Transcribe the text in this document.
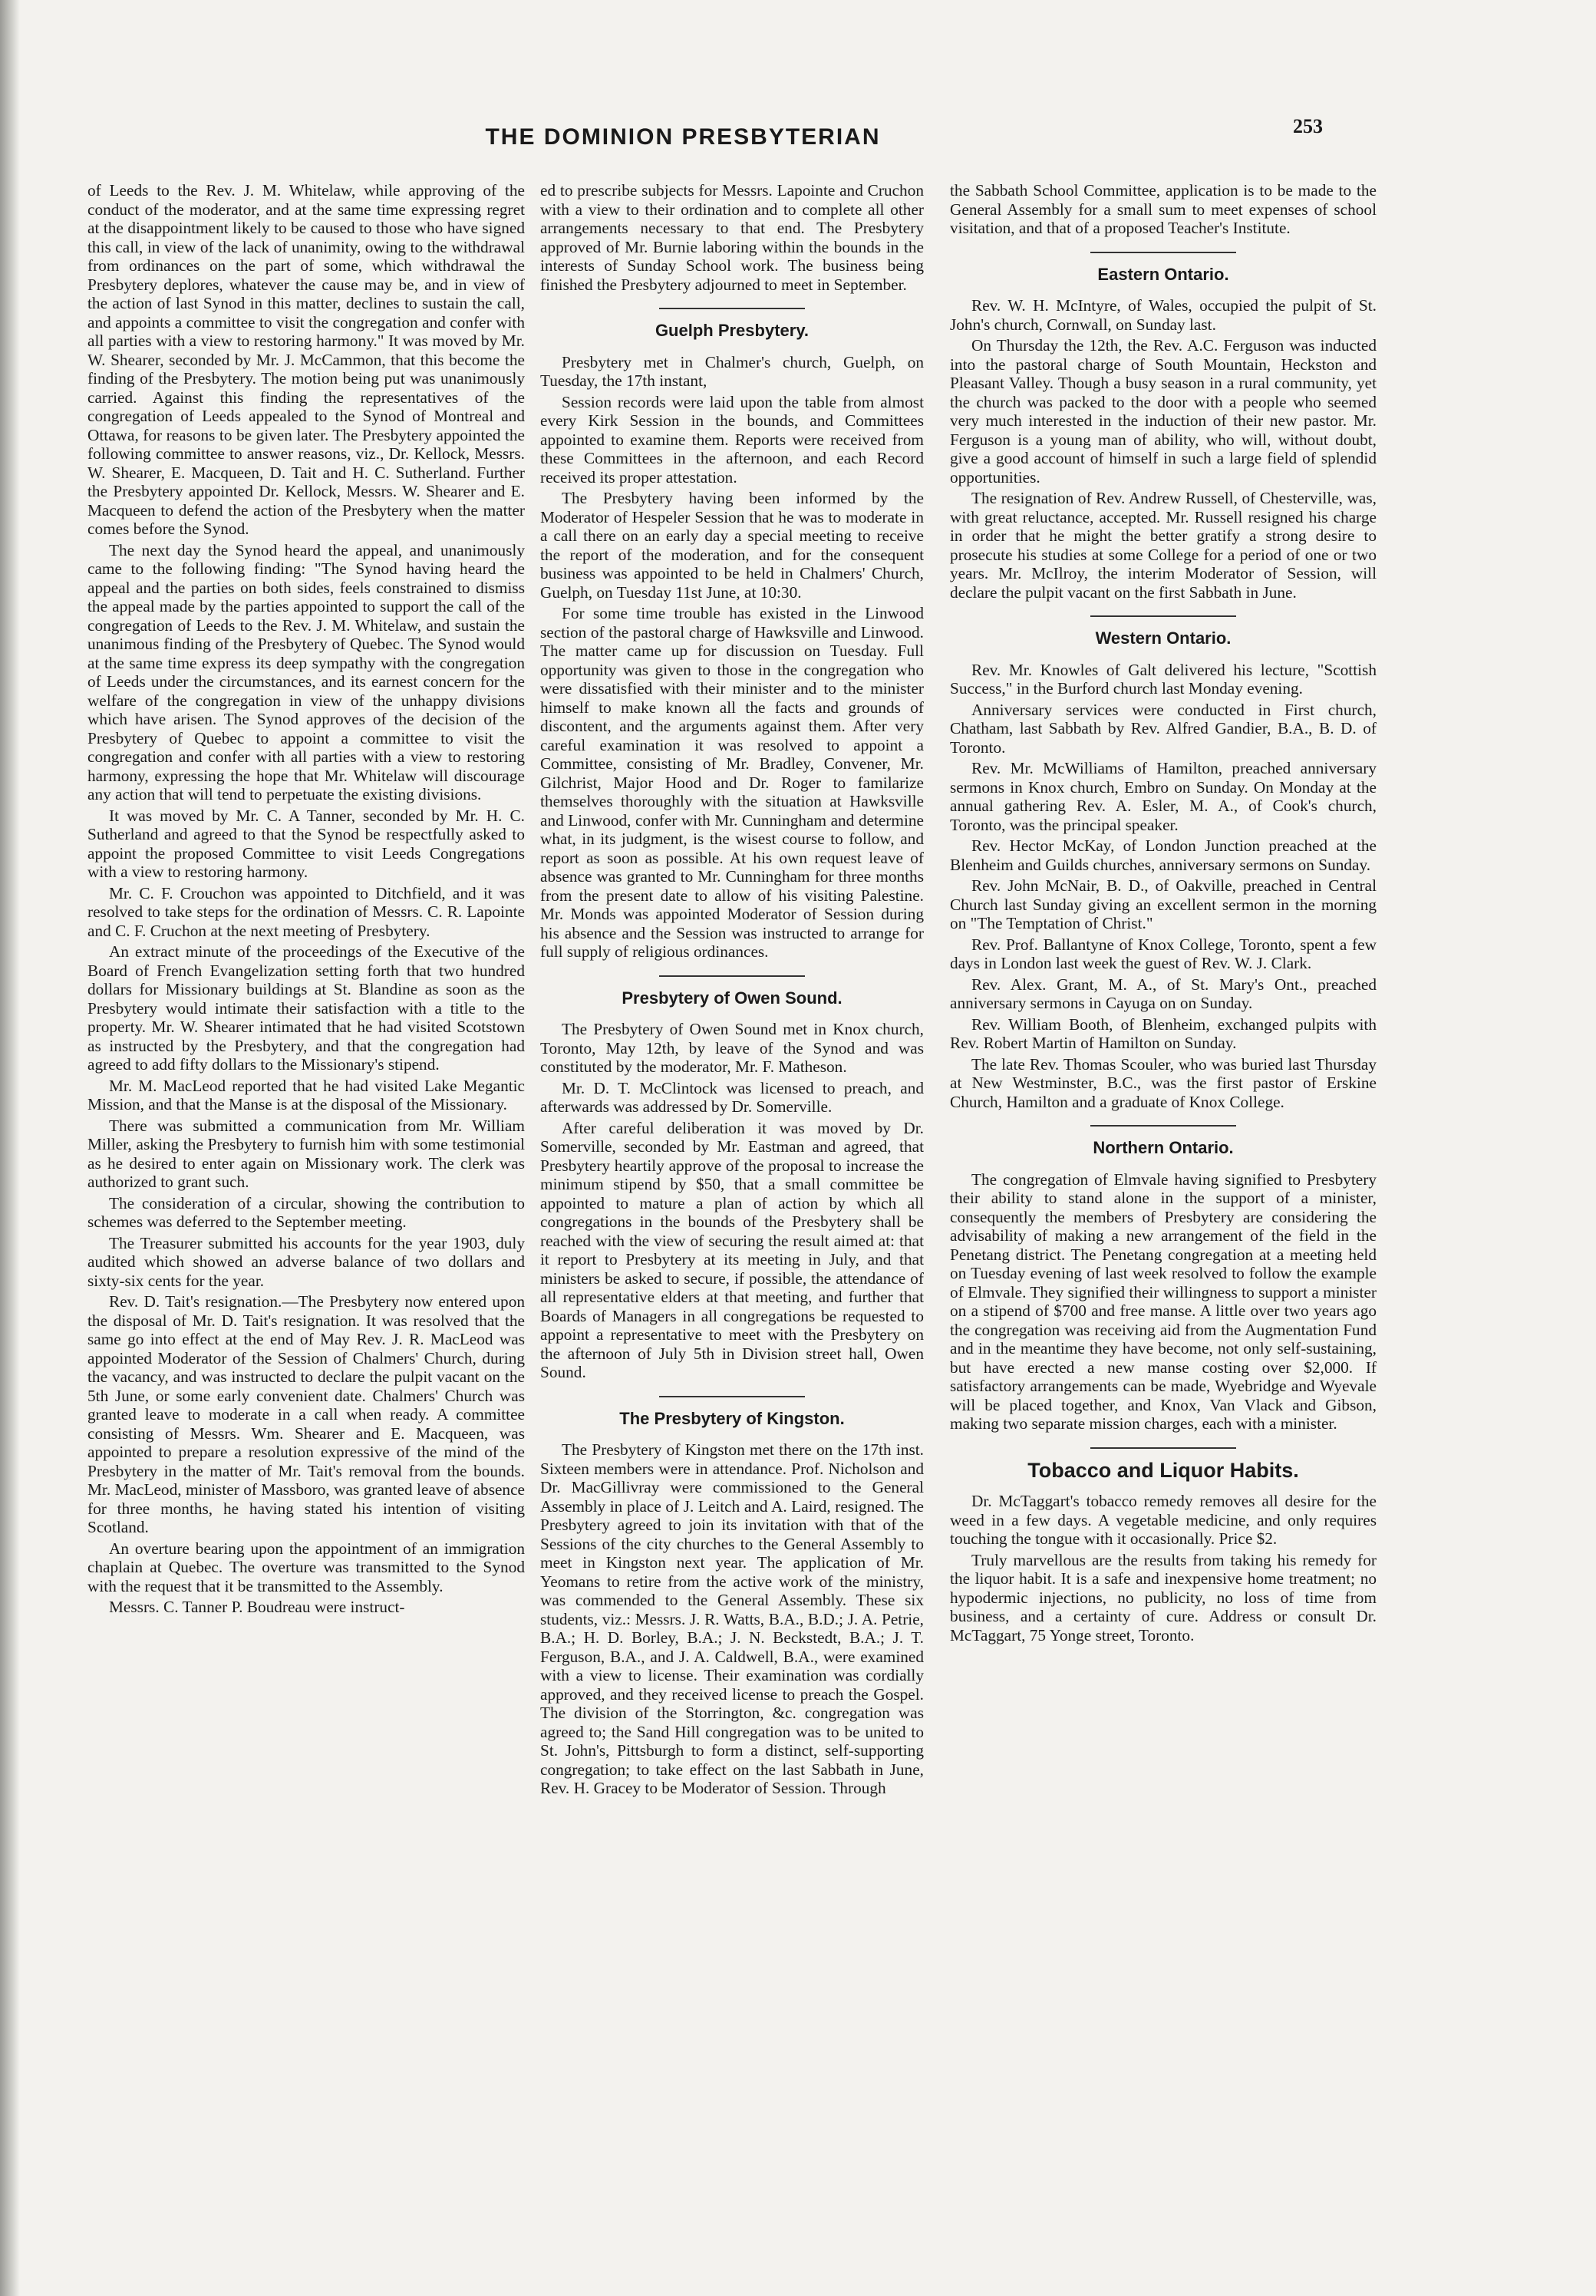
THE DOMINION PRESBYTERIAN	253

of Leeds to the Rev. J. M. Whitelaw, while approving of the conduct of the moderator, and at the same time expressing regret at the disappointment likely to be caused to those who have signed this call, in view of the lack of unanimity, owing to the withdrawal from ordinances on the part of some, which withdrawal the Presbytery deplores, whatever the cause may be, and in view of the action of last Synod in this matter, declines to sustain the call, and appoints a committee to visit the congregation and confer with all parties with a view to restoring harmony." It was moved by Mr. W. Shearer, seconded by Mr. J. McCammon, that this become the finding of the Presbytery. The motion being put was unanimously carried. Against this finding the representatives of the congregation of Leeds appealed to the Synod of Montreal and Ottawa, for reasons to be given later. The Presbytery appointed the following committee to answer reasons, viz., Dr. Kellock, Messrs. W. Shearer, E. Macqueen, D. Tait and H. C. Sutherland. Further the Presbytery appointed Dr. Kellock, Messrs. W. Shearer and E. Macqueen to defend the action of the Presbytery when the matter comes before the Synod.

The next day the Synod heard the appeal, and unanimously came to the following finding: "The Synod having heard the appeal and the parties on both sides, feels constrained to dismiss the appeal made by the parties appointed to support the call of the congregation of Leeds to the Rev. J. M. Whitelaw, and sustain the unanimous finding of the Presbytery of Quebec. The Synod would at the same time express its deep sympathy with the congregation of Leeds under the circumstances, and its earnest concern for the welfare of the congregation in view of the unhappy divisions which have arisen. The Synod approves of the decision of the Presbytery of Quebec to appoint a committee to visit the congregation and confer with all parties with a view to restoring harmony, expressing the hope that Mr. Whitelaw will discourage any action that will tend to perpetuate the existing divisions.

It was moved by Mr. C. A Tanner, seconded by Mr. H. C. Sutherland and agreed to that the Synod be respectfully asked to appoint the proposed Committee to visit Leeds Congregations with a view to restoring harmony.

Mr. C. F. Crouchon was appointed to Ditchfield, and it was resolved to take steps for the ordination of Messrs. C. R. Lapointe and C. F. Cruchon at the next meeting of Presbytery.

An extract minute of the proceedings of the Executive of the Board of French Evangelization setting forth that two hundred dollars for Missionary buildings at St. Blandine as soon as the Presbytery would intimate their satisfaction with a title to the property. Mr. W. Shearer intimated that he had visited Scotstown as instructed by the Presbytery, and that the congregation had agreed to add fifty dollars to the Missionary's stipend.

Mr. M. MacLeod reported that he had visited Lake Megantic Mission, and that the Manse is at the disposal of the Missionary.

There was submitted a communication from Mr. William Miller, asking the Presbytery to furnish him with some testimonial as he desired to enter again on Missionary work. The clerk was authorized to grant such.

The consideration of a circular, showing the contribution to schemes was deferred to the September meeting.

The Treasurer submitted his accounts for the year 1903, duly audited which showed an adverse balance of two dollars and sixty-six cents for the year.

Rev. D. Tait's resignation.—The Presbytery now entered upon the disposal of Mr. D. Tait's resignation. It was resolved that the same go into effect at the end of May Rev. J. R. MacLeod was appointed Moderator of the Session of Chalmers' Church, during the vacancy, and was instructed to declare the pulpit vacant on the 5th June, or some early convenient date. Chalmers' Church was granted leave to moderate in a call when ready. A committee consisting of Messrs. Wm. Shearer and E. Macqueen, was appointed to prepare a resolution expressive of the mind of the Presbytery in the matter of Mr. Tait's removal from the bounds. Mr. MacLeod, minister of Massboro, was granted leave of absence for three months, he having stated his intention of visiting Scotland.

An overture bearing upon the appointment of an immigration chaplain at Quebec. The overture was transmitted to the Synod with the request that it be transmitted to the Assembly.

Messrs. C. Tanner P. Boudreau were instruct-

ed to prescribe subjects for Messrs. Lapointe and Cruchon with a view to their ordination and to complete all other arrangements necessary to that end. The Presbytery approved of Mr. Burnie laboring within the bounds in the interests of Sunday School work. The business being finished the Presbytery adjourned to meet in September.

Guelph Presbytery.

Presbytery met in Chalmer's church, Guelph, on Tuesday, the 17th instant,

Session records were laid upon the table from almost every Kirk Session in the bounds, and Committees appointed to examine them. Reports were received from these Committees in the afternoon, and each Record received its proper attestation.

The Presbytery having been informed by the Moderator of Hespeler Session that he was to moderate in a call there on an early day a special meeting to receive the report of the moderation, and for the consequent business was appointed to be held in Chalmers' Church, Guelph, on Tuesday 11st June, at 10:30.

For some time trouble has existed in the Linwood section of the pastoral charge of Hawksville and Linwood. The matter came up for discussion on Tuesday. Full opportunity was given to those in the congregation who were dissatisfied with their minister and to the minister himself to make known all the facts and grounds of discontent, and the arguments against them. After very careful examination it was resolved to appoint a Committee, consisting of Mr. Bradley, Convener, Mr. Gilchrist, Major Hood and Dr. Roger to familarize themselves thoroughly with the situation at Hawksville and Linwood, confer with Mr. Cunningham and determine what, in its judgment, is the wisest course to follow, and report as soon as possible. At his own request leave of absence was granted to Mr. Cunningham for three months from the present date to allow of his visiting Palestine. Mr. Monds was appointed Moderator of Session during his absence and the Session was instructed to arrange for full supply of religious ordinances.

Presbytery of Owen Sound.

The Presbytery of Owen Sound met in Knox church, Toronto, May 12th, by leave of the Synod and was constituted by the moderator, Mr. F. Matheson.

Mr. D. T. McClintock was licensed to preach, and afterwards was addressed by Dr. Somerville.

After careful deliberation it was moved by Dr. Somerville, seconded by Mr. Eastman and agreed, that Presbytery heartily approve of the proposal to increase the minimum stipend by $50, that a small committee be appointed to mature a plan of action by which all congregations in the bounds of the Presbytery shall be reached with the view of securing the result aimed at: that it report to Presbytery at its meeting in July, and that ministers be asked to secure, if possible, the attendance of all representative elders at that meeting, and further that Boards of Managers in all congregations be requested to appoint a representative to meet with the Presbytery on the afternoon of July 5th in Division street hall, Owen Sound.

The Presbytery of Kingston.

The Presbytery of Kingston met there on the 17th inst. Sixteen members were in attendance. Prof. Nicholson and Dr. MacGillivray were commissioned to the General Assembly in place of J. Leitch and A. Laird, resigned. The Presbytery agreed to join its invitation with that of the Sessions of the city churches to the General Assembly to meet in Kingston next year. The application of Mr. Yeomans to retire from the active work of the ministry, was commended to the General Assembly. These six students, viz.: Messrs. J. R. Watts, B.A., B.D.; J. A. Petrie, B.A.; H. D. Borley, B.A.; J. N. Beckstedt, B.A.; J. T. Ferguson, B.A., and J. A. Caldwell, B.A., were examined with a view to license. Their examination was cordially approved, and they received license to preach the Gospel. The division of the Storrington, &c. congregation was agreed to; the Sand Hill congregation was to be united to St. John's, Pittsburgh to form a distinct, self-supporting congregation; to take effect on the last Sabbath in June, Rev. H. Gracey to be Moderator of Session. Through

the Sabbath School Committee, application is to be made to the General Assembly for a small sum to meet expenses of school visitation, and that of a proposed Teacher's Institute.

Eastern Ontario.

Rev. W. H. McIntyre, of Wales, occupied the pulpit of St. John's church, Cornwall, on Sunday last.

On Thursday the 12th, the Rev. A.C. Ferguson was inducted into the pastoral charge of South Mountain, Heckston and Pleasant Valley. Though a busy season in a rural community, yet the church was packed to the door with a people who seemed very much interested in the induction of their new pastor. Mr. Ferguson is a young man of ability, who will, without doubt, give a good account of himself in such a large field of splendid opportunities.

The resignation of Rev. Andrew Russell, of Chesterville, was, with great reluctance, accepted. Mr. Russell resigned his charge in order that he might the better gratify a strong desire to prosecute his studies at some College for a period of one or two years. Mr. McIlroy, the interim Moderator of Session, will declare the pulpit vacant on the first Sabbath in June.

Western Ontario.

Rev. Mr. Knowles of Galt delivered his lecture, "Scottish Success," in the Burford church last Monday evening.

Anniversary services were conducted in First church, Chatham, last Sabbath by Rev. Alfred Gandier, B.A., B. D. of Toronto.

Rev. Mr. McWilliams of Hamilton, preached anniversary sermons in Knox church, Embro on Sunday. On Monday at the annual gathering Rev. A. Esler, M. A., of Cook's church, Toronto, was the principal speaker.

Rev. Hector McKay, of London Junction preached at the Blenheim and Guilds churches, anniversary sermons on Sunday.

Rev. John McNair, B. D., of Oakville, preached in Central Church last Sunday giving an excellent sermon in the morning on "The Temptation of Christ."

Rev. Prof. Ballantyne of Knox College, Toronto, spent a few days in London last week the guest of Rev. W. J. Clark.

Rev. Alex. Grant, M. A., of St. Mary's Ont., preached anniversary sermons in Cayuga on on Sunday.

Rev. William Booth, of Blenheim, exchanged pulpits with Rev. Robert Martin of Hamilton on Sunday.

The late Rev. Thomas Scouler, who was buried last Thursday at New Westminster, B.C., was the first pastor of Erskine Church, Hamilton and a graduate of Knox College.

Northern Ontario.

The congregation of Elmvale having signified to Presbytery their ability to stand alone in the support of a minister, consequently the members of Presbytery are considering the advisability of making a new arrangement of the field in the Penetang district. The Penetang congregation at a meeting held on Tuesday evening of last week resolved to follow the example of Elmvale. They signified their willingness to support a minister on a stipend of $700 and free manse. A little over two years ago the congregation was receiving aid from the Augmentation Fund and in the meantime they have become, not only self-sustaining, but have erected a new manse costing over $2,000. If satisfactory arrangements can be made, Wyebridge and Wyevale will be placed together, and Knox, Van Vlack and Gibson, making two separate mission charges, each with a minister.

Tobacco and Liquor Habits.

Dr. McTaggart's tobacco remedy removes all desire for the weed in a few days. A vegetable medicine, and only requires touching the tongue with it occasionally. Price $2.

Truly marvellous are the results from taking his remedy for the liquor habit. It is a safe and inexpensive home treatment; no hypodermic injections, no publicity, no loss of time from business, and a certainty of cure. Address or consult Dr. McTaggart, 75 Yonge street, Toronto.
